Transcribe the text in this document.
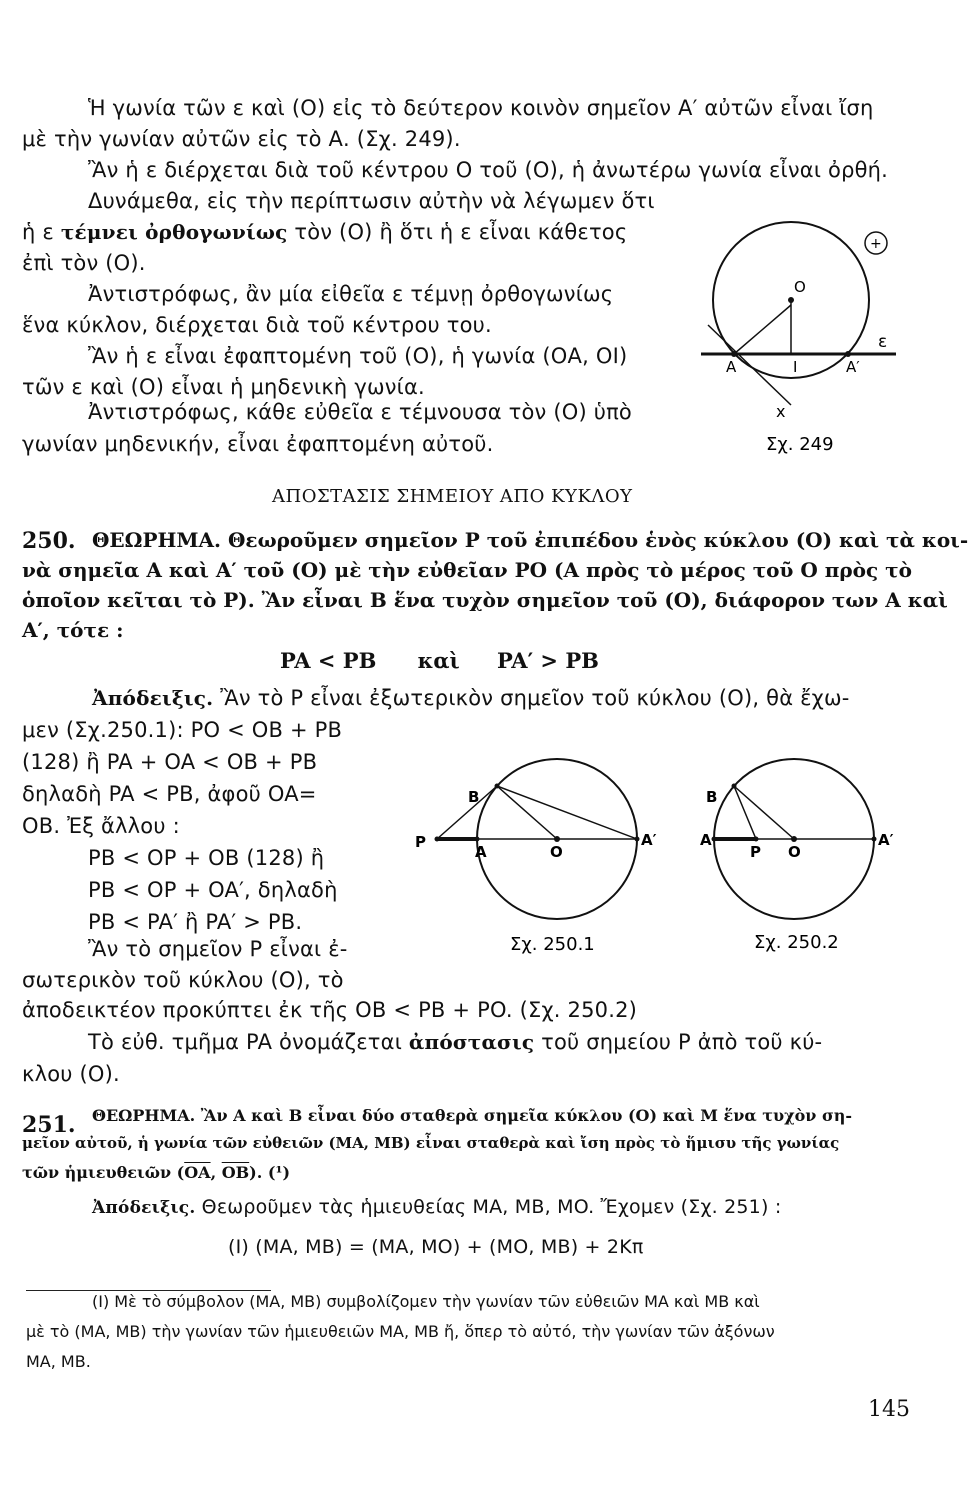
Ἡ γωνία τῶν ε καὶ (Ο) εἰς τὸ δεύτερον κοινὸν σημεῖον Α′ αὐτῶν εἶναι ἴση
μὲ τὴν γωνίαν αὐτῶν εἰς τὸ Α. (Σχ. 249).
Ἂν ἡ ε διέρχεται διὰ τοῦ κέντρου Ο τοῦ (Ο), ἡ ἀνωτέρω γωνία εἶναι ὀρθή.
Δυνάμεθα, εἰς τὴν περίπτωσιν αὐτὴν νὰ λέγωμεν ὅτι
ἡ ε τέμνει ὀρθογωνίως τὸν (Ο) ἢ ὅτι ἡ ε εἶναι κάθετος
ἐπὶ τὸν (Ο).
Ἀντιστρόφως, ἂν μία εἰθεῖα ε τέμνῃ ὀρθογωνίως
ἕνα κύκλον, διέρχεται διὰ τοῦ κέντρου του.
Ἂν ἡ ε εἶναι ἐφαπτομένη τοῦ (Ο), ἡ γωνία (ΟΑ, ΟΙ)
τῶν ε καὶ (Ο) εἶναι ἡ μηδενικὴ γωνία.
Ἀντιστρόφως, κάθε εὐθεῖα ε τέμνουσα τὸν (Ο) ὑπὸ
γωνίαν μηδενικήν, εἶναι ἐφαπτομένη αὐτοῦ.
+
O
A	I	A′
ε
x
Σχ. 249
ΑΠΟΣΤΑΣΙΣ ΣΗΜΕΙΟΥ ΑΠΟ ΚΥΚΛΟΥ
250. ΘΕΩΡΗΜΑ. Θεωροῦμεν σημεῖον Ρ τοῦ ἐπιπέδου ἑνὸς κύκλου (Ο) καὶ τὰ κοι-
νὰ σημεῖα Α καὶ Α′ τοῦ (Ο) μὲ τὴν εὐθεῖαν ΡΟ (Α πρὸς τὸ μέρος τοῦ Ο πρὸς τὸ
ὁποῖον κεῖται τὸ Ρ). Ἂν εἶναι Β ἕνα τυχὸν σημεῖον τοῦ (Ο), διάφορον των Α καὶ
Α′, τότε :
PA < PB καὶ PA′ > PB
Ἀπόδειξις. Ἂν τὸ Ρ εἶναι ἐξωτερικὸν σημεῖον τοῦ κύκλου (Ο), θὰ ἔχω-
μεν (Σχ.250.1): PO < OB + PB
(128) ἢ PA + OA < OB + PB
δηλαδὴ PA < PB, ἀφοῦ OA=
OB. Ἐξ ἄλλου :
PB < OP + OB (128) ἢ
PB < OP + OA′, δηλαδὴ
PB < PA′ ἢ PA′ > PB.
Ἂν τὸ σημεῖον Ρ εἶναι ἐ-
σωτερικὸν τοῦ κύκλου (Ο), τὸ
ἀποδεικτέον προκύπτει ἐκ τῆς OB < PB + PO. (Σχ. 250.2)
Τὸ εὐθ. τμῆμα PA ὀνομάζεται ἀπόστασις τοῦ σημείου Ρ ἀπὸ τοῦ κύ-
κλου (Ο).
B
P
A	O
A′
Σχ. 250.1
B
A
P O
A′
Σχ. 250.2
251. ΘΕΩΡΗΜΑ. Ἂν Α καὶ Β εἶναι δύο σταθερὰ σημεῖα κύκλου (Ο) καὶ Μ ἕνα τυχὸν ση-
μεῖον αὐτοῦ, ἡ γωνία τῶν εὐθειῶν (ΜΑ, ΜΒ) εἶναι σταθερὰ καὶ ἴση πρὸς τὸ ἥμισυ τῆς γωνίας
τῶν ἡμιευθειῶν ($\overline{OA}$, $\overline{OB}$). (¹)
Ἀπόδειξις. Θεωροῦμεν τὰς ἡμιευθείας MA, MB, MO. Ἔχομεν (Σχ. 251) :
(Ι) (MA, MB) = (MA, MO) + (MO, MB) + 2Κπ
(Ι) Μὲ τὸ σύμβολον (MA, MB) συμβολίζομεν τὴν γωνίαν τῶν εὐθειῶν MA καὶ MB καὶ
μὲ τὸ (MA, MB) τὴν γωνίαν τῶν ἡμιευθειῶν MA, MB ἤ, ὅπερ τὸ αὐτό, τὴν γωνίαν τῶν ἀξόνων
MA, MB.
145
